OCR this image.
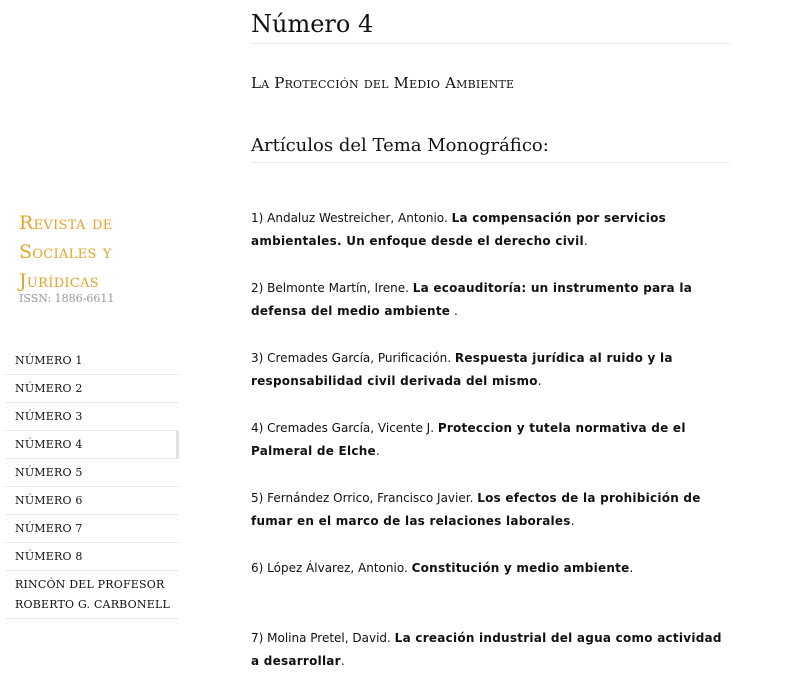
Revista de Sociales y Jurídicas
ISSN: 1886-6611
NÚMERO 1
NÚMERO 2
NÚMERO 3
NÚMERO 4
NÚMERO 5
NÚMERO 6
NÚMERO 7
NÚMERO 8
RINCÓN DEL PROFESOR
ROBERTO G. CARBONELL
Número 4
La Protección del Medio Ambiente
Artículos del Tema Monográfico:
1) Andaluz Westreicher, Antonio. La compensación por servicios ambientales. Un enfoque desde el derecho civil.
2) Belmonte Martín, Irene. La ecoauditoría: un instrumento para la defensa del medio ambiente .
3) Cremades García, Purificación. Respuesta jurídica al ruido y la responsabilidad civil derivada del mismo.
4) Cremades García, Vicente J. Proteccion y tutela normativa de el Palmeral de Elche.
5) Fernández Orrico, Francisco Javier. Los efectos de la prohibición de fumar en el marco de las relaciones laborales.
6) López Álvarez, Antonio. Constitución y medio ambiente.
7) Molina Pretel, David. La creación industrial del agua como actividad a desarrollar.
